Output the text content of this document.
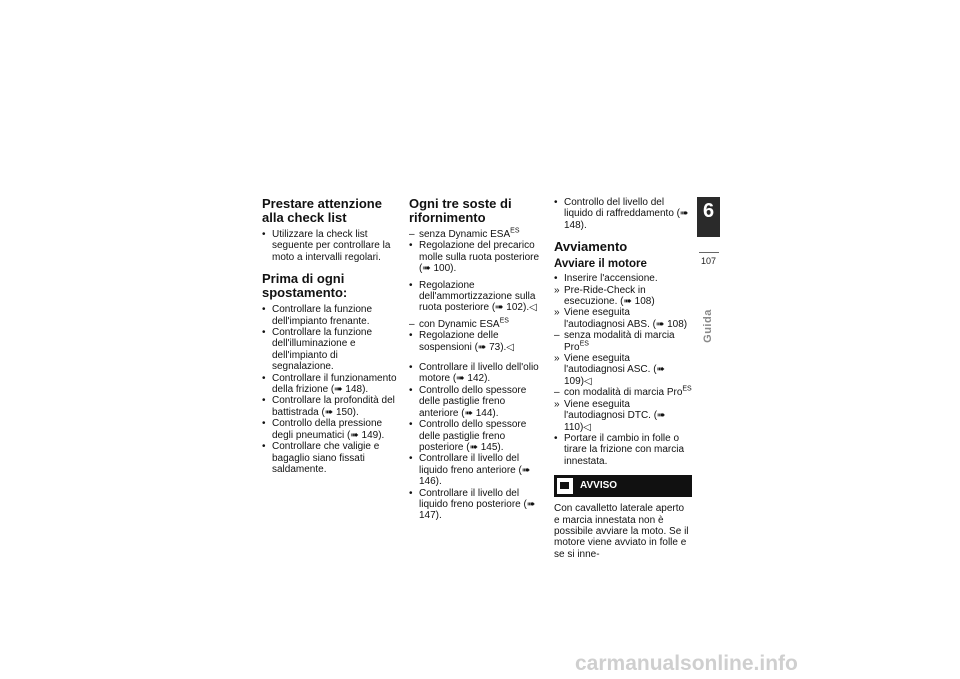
Prestare attenzione alla check list
• Utilizzare la check list seguente per controllare la moto a intervalli regolari.
Prima di ogni spostamento:
• Controllare la funzione dell'impianto frenante.
• Controllare la funzione dell'illuminazione e dell'impianto di segnalazione.
• Controllare il funzionamento della frizione (➠ 148).
• Controllare la profondità del battistrada (➠ 150).
• Controllo della pressione degli pneumatici (➠ 149).
• Controllare che valigie e bagaglio siano fissati saldamente.
Ogni tre soste di rifornimento
– senza Dynamic $ESA^{ES}$
• Regolazione del precarico molle sulla ruota posteriore (➠ 100).
• Regolazione dell'ammortizzazione sulla ruota posteriore (➠ 102).◁
– con Dynamic $ESA^{ES}$
• Regolazione delle sospensioni (➠ 73).◁
• Controllare il livello dell'olio motore (➠ 142).
• Controllo dello spessore delle pastiglie freno anteriore (➠ 144).
• Controllo dello spessore delle pastiglie freno posteriore (➠ 145).
• Controllare il livello del liquido freno anteriore (➠ 146).
• Controllare il livello del liquido freno posteriore (➠ 147).
• Controllo del livello del liquido di raffreddamento (➠ 148).
Avviamento
Avviare il motore
• Inserire l'accensione.
» Pre-Ride-Check in esecuzione. (➠ 108)
» Viene eseguita l'autodiagnosi ABS. (➠ 108)
– senza modalità di marcia Pro$^{ES}$
» Viene eseguita l'autodiagnosi ASC. (➠ 109)◁
– con modalità di marcia Pro$^{ES}$
» Viene eseguita l'autodiagnosi DTC. (➠ 110)◁
• Portare il cambio in folle o tirare la frizione con marcia innestata.
AVVISO

Con cavalletto laterale aperto e marcia innestata non è possibile avviare la moto. Se il motore viene avviato in folle e se si inne-

6
107
Guida
carmanualsonline.info
